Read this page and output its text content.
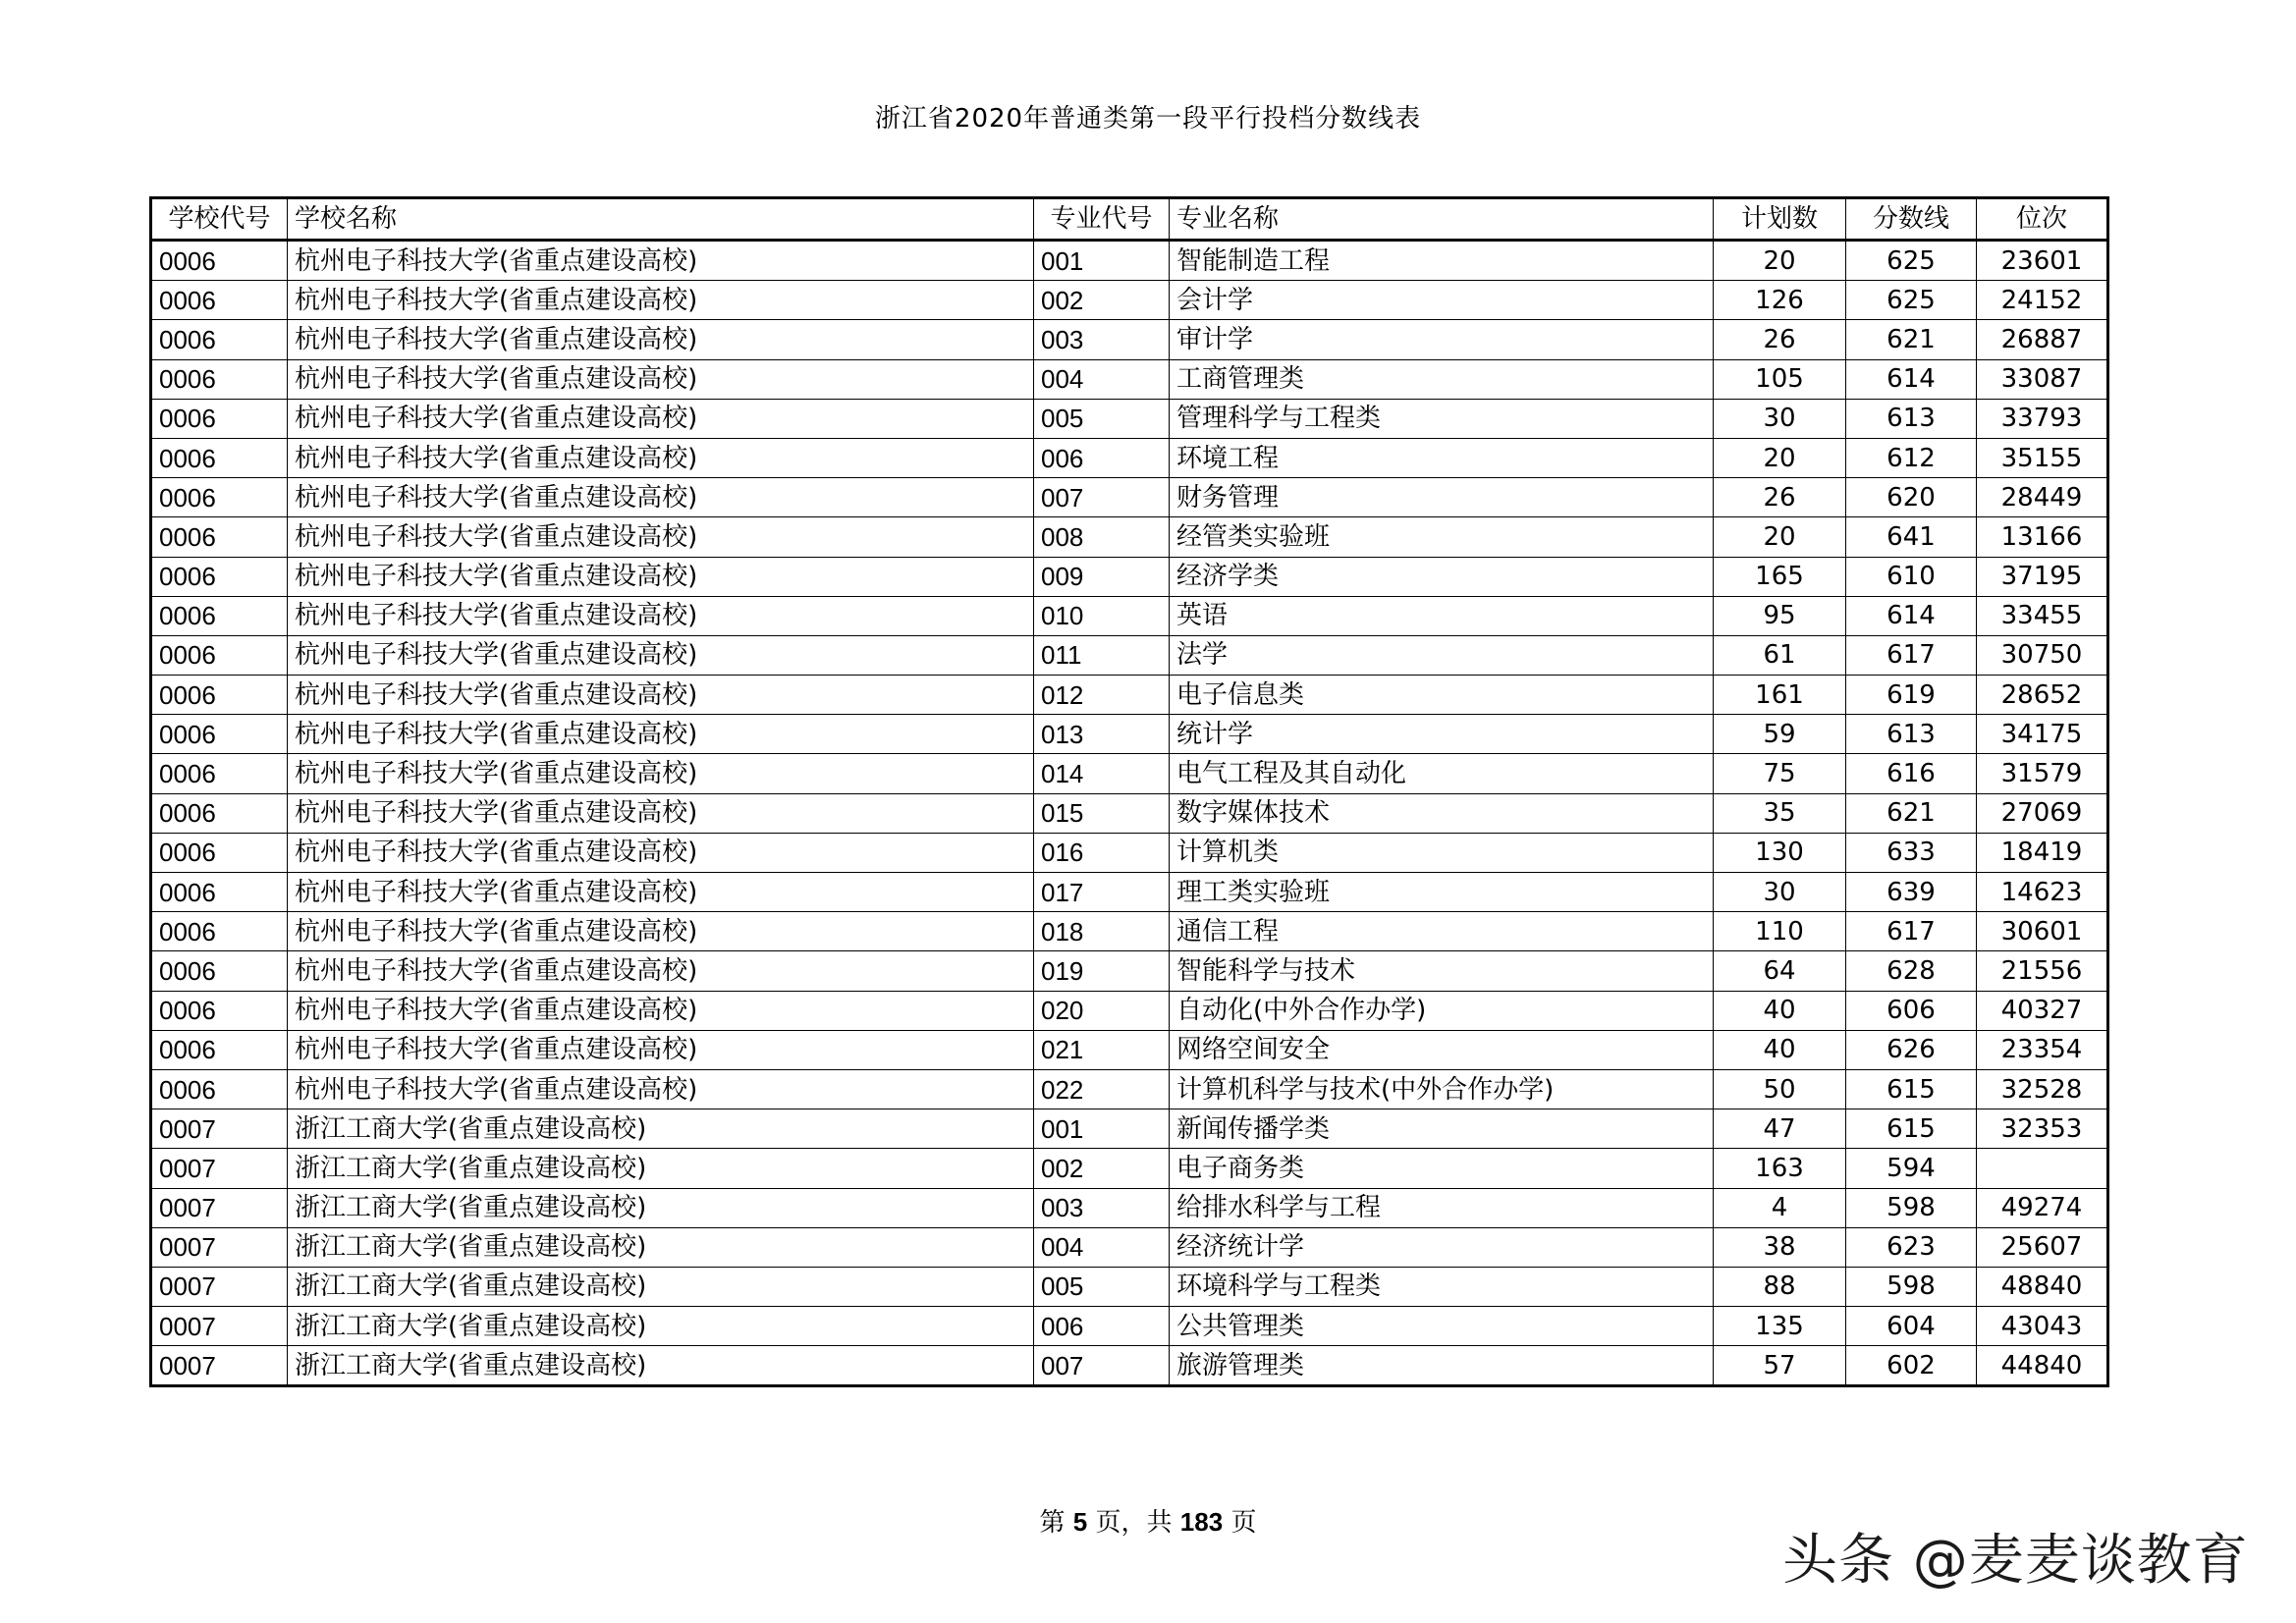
浙江省2020年普通类第一段平行投档分数线表
学校代号	学校名称	专业代号	专业名称	计划数	分数线	位次
0006	杭州电子科技大学(省重点建设高校)	001	智能制造工程	20	625	23601
0006	杭州电子科技大学(省重点建设高校)	002	会计学	126	625	24152
0006	杭州电子科技大学(省重点建设高校)	003	审计学	26	621	26887
0006	杭州电子科技大学(省重点建设高校)	004	工商管理类	105	614	33087
0006	杭州电子科技大学(省重点建设高校)	005	管理科学与工程类	30	613	33793
0006	杭州电子科技大学(省重点建设高校)	006	环境工程	20	612	35155
0006	杭州电子科技大学(省重点建设高校)	007	财务管理	26	620	28449
0006	杭州电子科技大学(省重点建设高校)	008	经管类实验班	20	641	13166
0006	杭州电子科技大学(省重点建设高校)	009	经济学类	165	610	37195
0006	杭州电子科技大学(省重点建设高校)	010	英语	95	614	33455
0006	杭州电子科技大学(省重点建设高校)	011	法学	61	617	30750
0006	杭州电子科技大学(省重点建设高校)	012	电子信息类	161	619	28652
0006	杭州电子科技大学(省重点建设高校)	013	统计学	59	613	34175
0006	杭州电子科技大学(省重点建设高校)	014	电气工程及其自动化	75	616	31579
0006	杭州电子科技大学(省重点建设高校)	015	数字媒体技术	35	621	27069
0006	杭州电子科技大学(省重点建设高校)	016	计算机类	130	633	18419
0006	杭州电子科技大学(省重点建设高校)	017	理工类实验班	30	639	14623
0006	杭州电子科技大学(省重点建设高校)	018	通信工程	110	617	30601
0006	杭州电子科技大学(省重点建设高校)	019	智能科学与技术	64	628	21556
0006	杭州电子科技大学(省重点建设高校)	020	自动化(中外合作办学)	40	606	40327
0006	杭州电子科技大学(省重点建设高校)	021	网络空间安全	40	626	23354
0006	杭州电子科技大学(省重点建设高校)	022	计算机科学与技术(中外合作办学)	50	615	32528
0007	浙江工商大学(省重点建设高校)	001	新闻传播学类	47	615	32353
0007	浙江工商大学(省重点建设高校)	002	电子商务类	163	594	
0007	浙江工商大学(省重点建设高校)	003	给排水科学与工程	4	598	49274
0007	浙江工商大学(省重点建设高校)	004	经济统计学	38	623	25607
0007	浙江工商大学(省重点建设高校)	005	环境科学与工程类	88	598	48840
0007	浙江工商大学(省重点建设高校)	006	公共管理类	135	604	43043
0007	浙江工商大学(省重点建设高校)	007	旅游管理类	57	602	44840
第 5 页，共 183 页
头条 @麦麦谈教育
